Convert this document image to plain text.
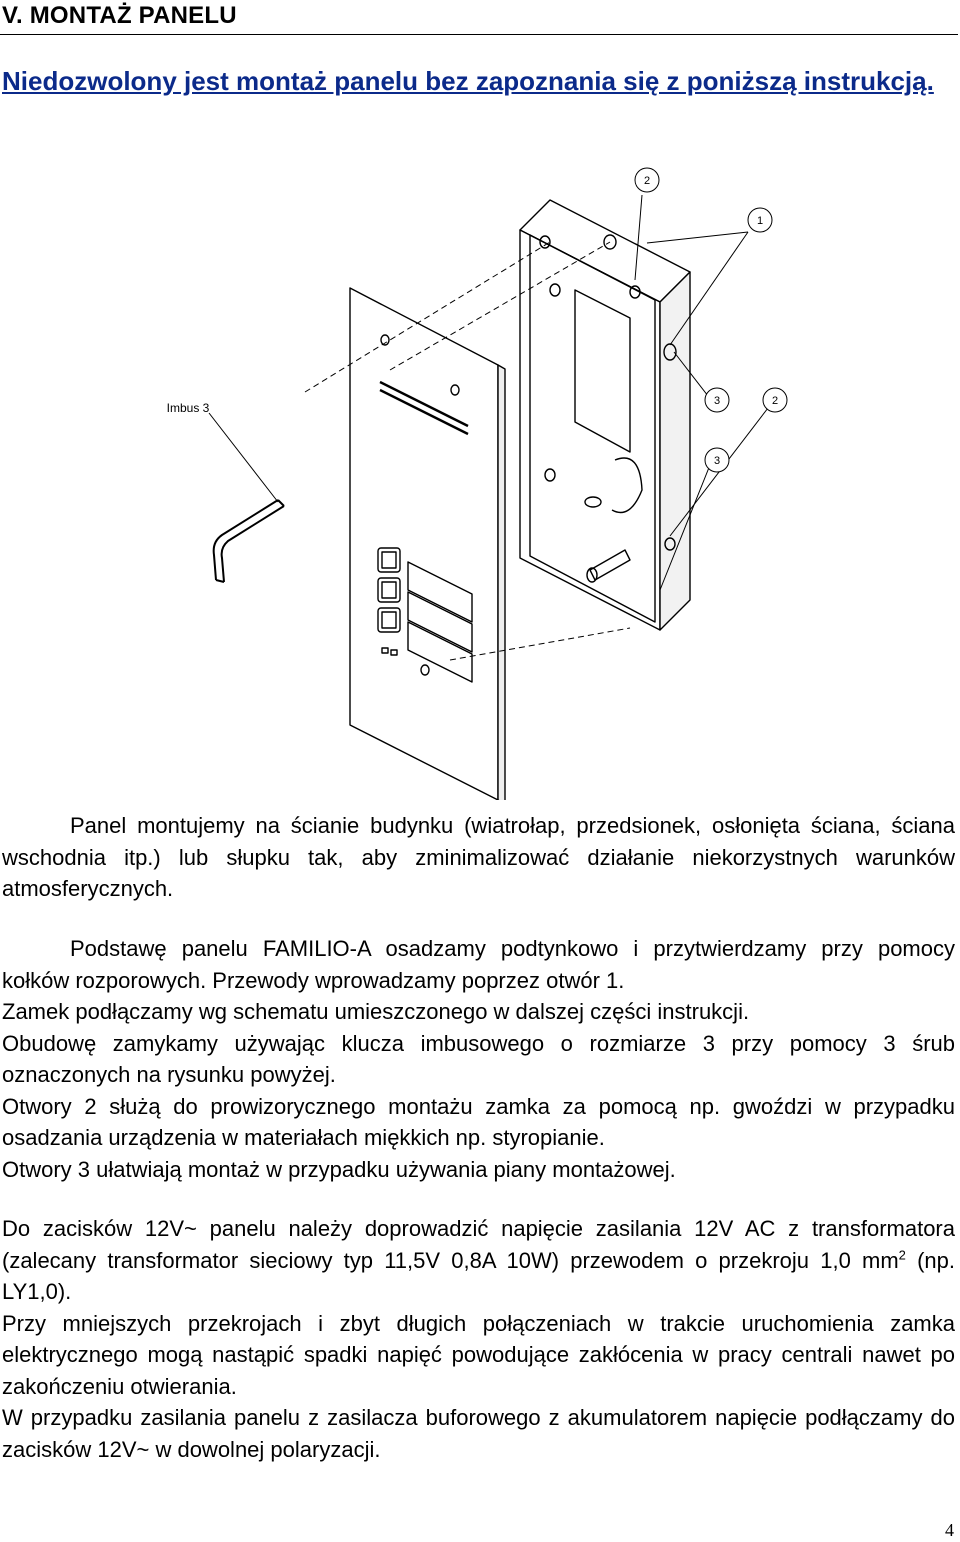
V. MONTAŻ PANELU
Niedozwolony jest montaż panelu bez zapoznania się z poniższą instrukcją.
2
1
3	2
3
Imbus 3

Panel montujemy na ścianie budynku (wiatrołap, przedsionek, osłonięta ściana, ściana wschodnia itp.) lub słupku tak, aby zminimalizować działanie niekorzystnych warunków atmosferycznych.

Podstawę panelu FAMILIO-A osadzamy podtynkowo i przytwierdzamy przy pomocy kołków rozporowych. Przewody wprowadzamy poprzez otwór 1.

Zamek podłączamy wg schematu umieszczonego w dalszej części instrukcji.

Obudowę zamykamy używając klucza imbusowego o rozmiarze 3 przy pomocy 3 śrub oznaczonych na rysunku powyżej.

Otwory 2 służą do prowizorycznego montażu zamka za pomocą np. gwoździ w przypadku osadzania urządzenia w materiałach miękkich np. styropianie.

Otwory 3 ułatwiają montaż w przypadku używania piany montażowej.

Do zacisków 12V~ panelu należy doprowadzić napięcie zasilania 12V AC z transformatora (zalecany transformator sieciowy typ 11,5V 0,8A 10W) przewodem o przekroju 1,0 $mm^2$ (np. LY1,0).

Przy mniejszych przekrojach i zbyt długich połączeniach w trakcie uruchomienia zamka elektrycznego mogą nastąpić spadki napięć powodujące zakłócenia w pracy centrali nawet po zakończeniu otwierania.

W przypadku zasilania panelu z zasilacza buforowego z akumulatorem napięcie podłączamy do zacisków 12V~ w dowolnej polaryzacji.

4
